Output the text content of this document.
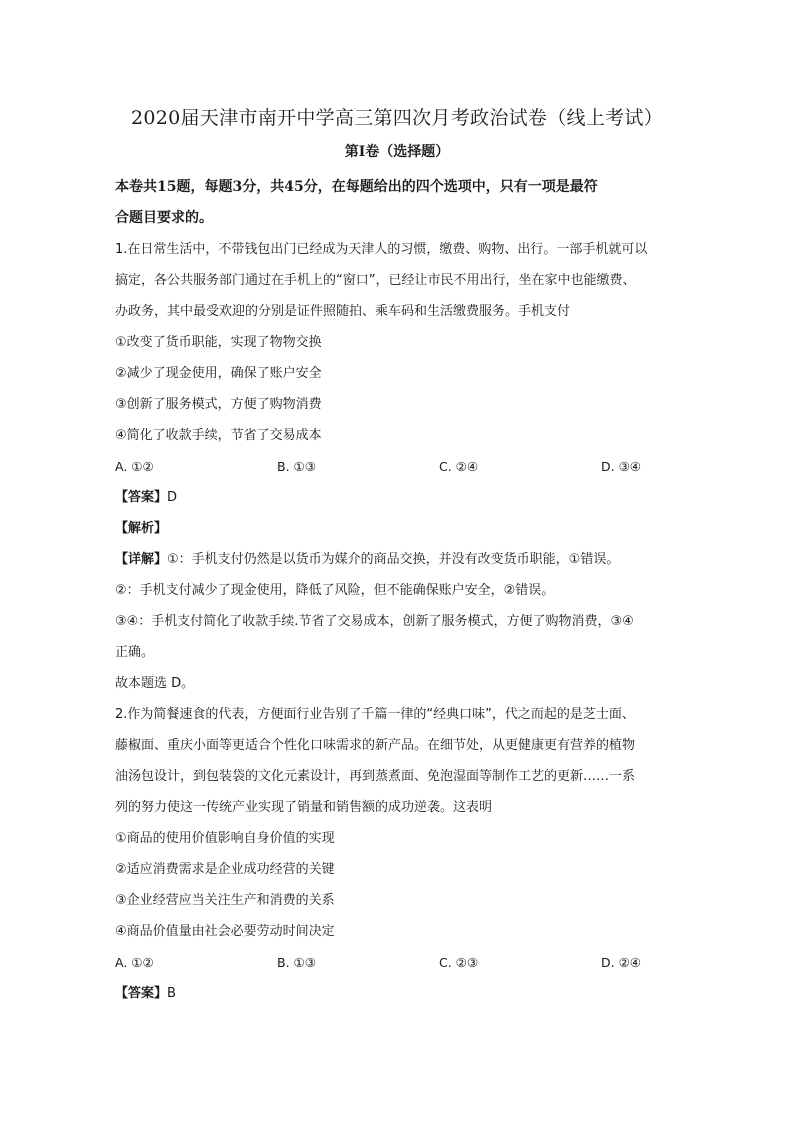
2020届天津市南开中学高三第四次月考政治试卷（线上考试）
第Ⅰ卷（选择题）
本卷共15题，每题3分，共45分，在每题给出的四个选项中，只有一项是最符
合题目要求的。
1.在日常生活中，不带钱包出门已经成为天津人的习惯，缴费、购物、出行。一部手机就可以
搞定，各公共服务部门通过在手机上的“窗口”，已经让市民不用出行，坐在家中也能缴费、
办政务，其中最受欢迎的分别是证件照随拍、乘车码和生活缴费服务。手机支付
①改变了货币职能，实现了物物交换
②减少了现金使用，确保了账户安全
③创新了服务模式，方便了购物消费
④简化了收款手续，节省了交易成本
A. ①②	B. ①③	C. ②④	D. ③④
【答案】D
【解析】
【详解】①：手机支付仍然是以货币为媒介的商品交换，并没有改变货币职能，①错误。
②：手机支付减少了现金使用，降低了风险，但不能确保账户安全，②错误。
③④：手机支付简化了收款手续.节省了交易成本，创新了服务模式，方便了购物消费，③④
正确。
故本题选 D。
2.作为简餐速食的代表，方便面行业告别了千篇一律的“经典口味”，代之而起的是芝士面、
藤椒面、重庆小面等更适合个性化口味需求的新产品。在细节处，从更健康更有营养的植物
油汤包设计，到包装袋的文化元素设计，再到蒸煮面、免泡湿面等制作工艺的更新……一系
列的努力使这一传统产业实现了销量和销售额的成功逆袭。这表明
①商品的使用价值影响自身价值的实现
②适应消费需求是企业成功经营的关键
③企业经营应当关注生产和消费的关系
④商品价值量由社会必要劳动时间决定
A. ①②	B. ①③	C. ②③	D. ②④
【答案】B
